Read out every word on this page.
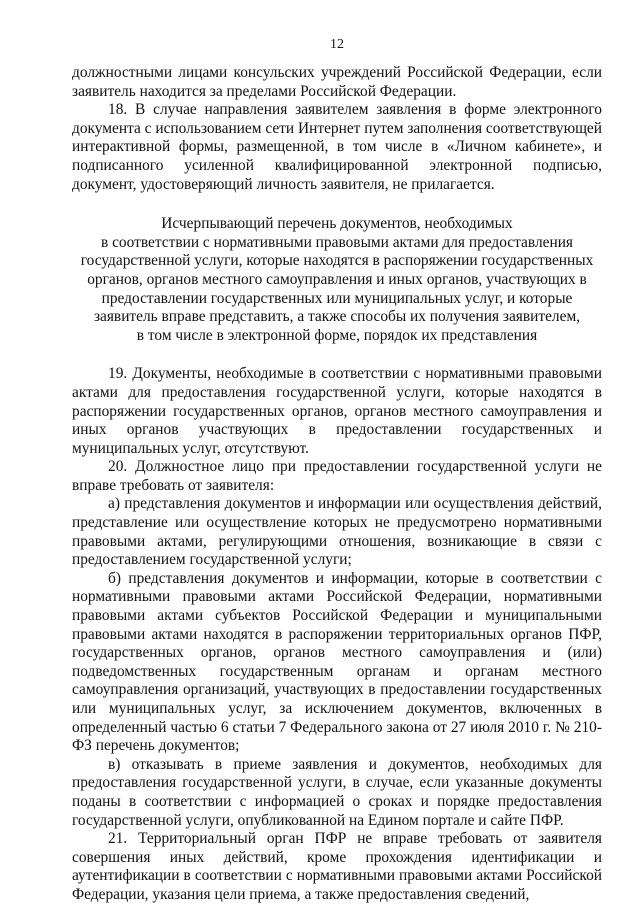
12

должностными лицами консульских учреждений Российской Федерации, если заявитель находится за пределами Российской Федерации.

18. В случае направления заявителем заявления в форме электронного документа с использованием сети Интернет путем заполнения соответствующей интерактивной формы, размещенной, в том числе в «Личном кабинете», и подписанного усиленной квалифицированной электронной подписью, документ, удостоверяющий личность заявителя, не прилагается.

Исчерпывающий перечень документов, необходимых
в соответствии с нормативными правовыми актами для предоставления
государственной услуги, которые находятся в распоряжении государственных
органов, органов местного самоуправления и иных органов, участвующих в
предоставлении государственных или муниципальных услуг, и которые
заявитель вправе представить, а также способы их получения заявителем,
в том числе в электронной форме, порядок их представления

19. Документы, необходимые в соответствии с нормативными правовыми актами для предоставления государственной услуги, которые находятся в распоряжении государственных органов, органов местного самоуправления и иных органов участвующих в предоставлении государственных и муниципальных услуг, отсутствуют.

20. Должностное лицо при предоставлении государственной услуги не вправе требовать от заявителя:

а) представления документов и информации или осуществления действий, представление или осуществление которых не предусмотрено нормативными правовыми актами, регулирующими отношения, возникающие в связи с предоставлением государственной услуги;

б) представления документов и информации, которые в соответствии с нормативными правовыми актами Российской Федерации, нормативными правовыми актами субъектов Российской Федерации и муниципальными правовыми актами находятся в распоряжении территориальных органов ПФР, государственных органов, органов местного самоуправления и (или) подведомственных государственным органам и органам местного самоуправления организаций, участвующих в предоставлении государственных или муниципальных услуг, за исключением документов, включенных в определенный частью 6 статьи 7 Федерального закона от 27 июля 2010 г. № 210-ФЗ перечень документов;

в) отказывать в приеме заявления и документов, необходимых для предоставления государственной услуги, в случае, если указанные документы поданы в соответствии с информацией о сроках и порядке предоставления государственной услуги, опубликованной на Едином портале и сайте ПФР.

21. Территориальный орган ПФР не вправе требовать от заявителя совершения иных действий, кроме прохождения идентификации и аутентификации в соответствии с нормативными правовыми актами Российской Федерации, указания цели приема, а также предоставления сведений,
